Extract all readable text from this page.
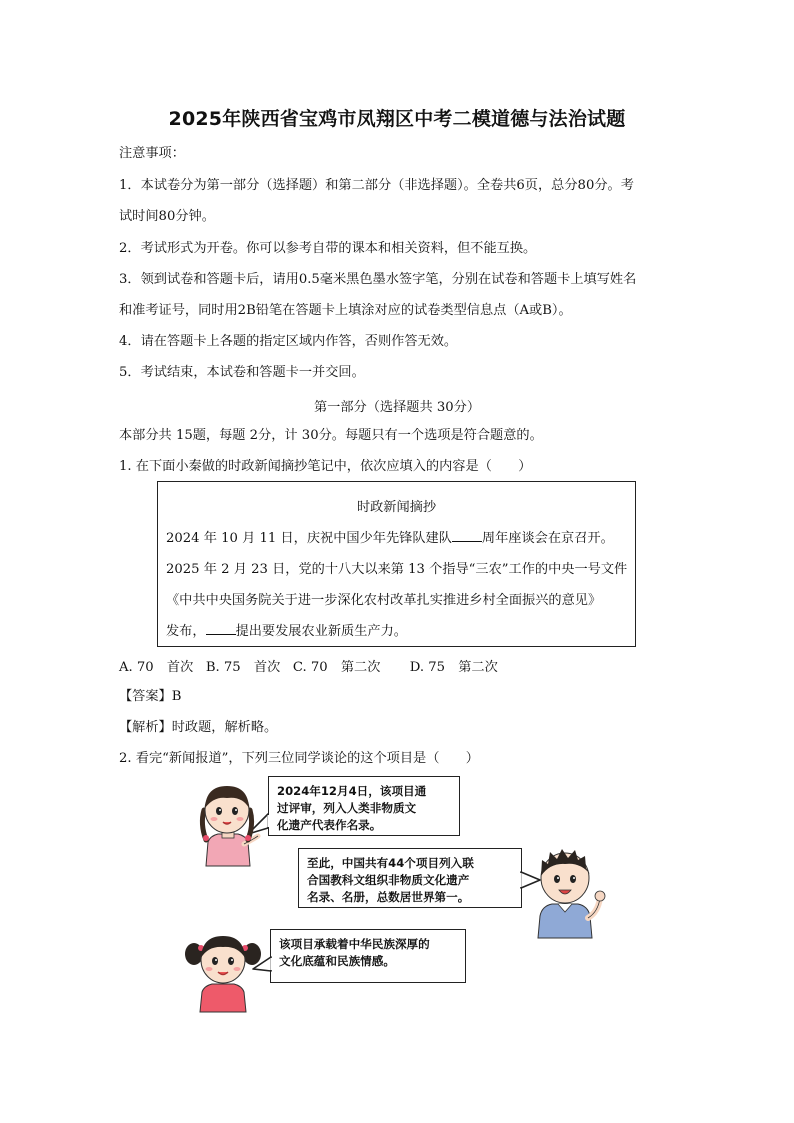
2025年陕西省宝鸡市凤翔区中考二模道德与法治试题
注意事项：
1．本试卷分为第一部分（选择题）和第二部分（非选择题）。全卷共6页，总分80分。考
试时间80分钟。
2．考试形式为开卷。你可以参考自带的课本和相关资料，但不能互换。
3．领到试卷和答题卡后，请用0.5毫米黑色墨水签字笔，分别在试卷和答题卡上填写姓名
和准考证号，同时用2B铅笔在答题卡上填涂对应的试卷类型信息点（A或B）。
4．请在答题卡上各题的指定区域内作答，否则作答无效。
5．考试结束，本试卷和答题卡一并交回。
第一部分（选择题共 30分）
本部分共 15题，每题 2分，计 30分。每题只有一个选项是符合题意的。
1. 在下面小秦做的时政新闻摘抄笔记中，依次应填入的内容是（　　）
时政新闻摘抄
2024 年 10 月 11 日，庆祝中国少年先锋队建队 周年座谈会在京召开。
2025 年 2 月 23 日，党的十八大以来第 13 个指导“三农”工作的中央一号文件
《中共中央国务院关于进一步深化农村改革扎实推进乡村全面振兴的意见》
发布， 提出要发展农业新质生产力。
A. 70　首次 B. 75　首次 C. 70　第二次 D. 75　第二次
【答案】B
【解析】时政题，解析略。
2. 看完“新闻报道”，下列三位同学谈论的这个项目是（　　）
2024年12月4日，该项目通
过评审，列入人类非物质文
化遗产代表作名录。
至此，中国共有44个项目列入联
合国教科文组织非物质文化遗产
名录、名册，总数居世界第一。
该项目承载着中华民族深厚的
文化底蕴和民族情感。
